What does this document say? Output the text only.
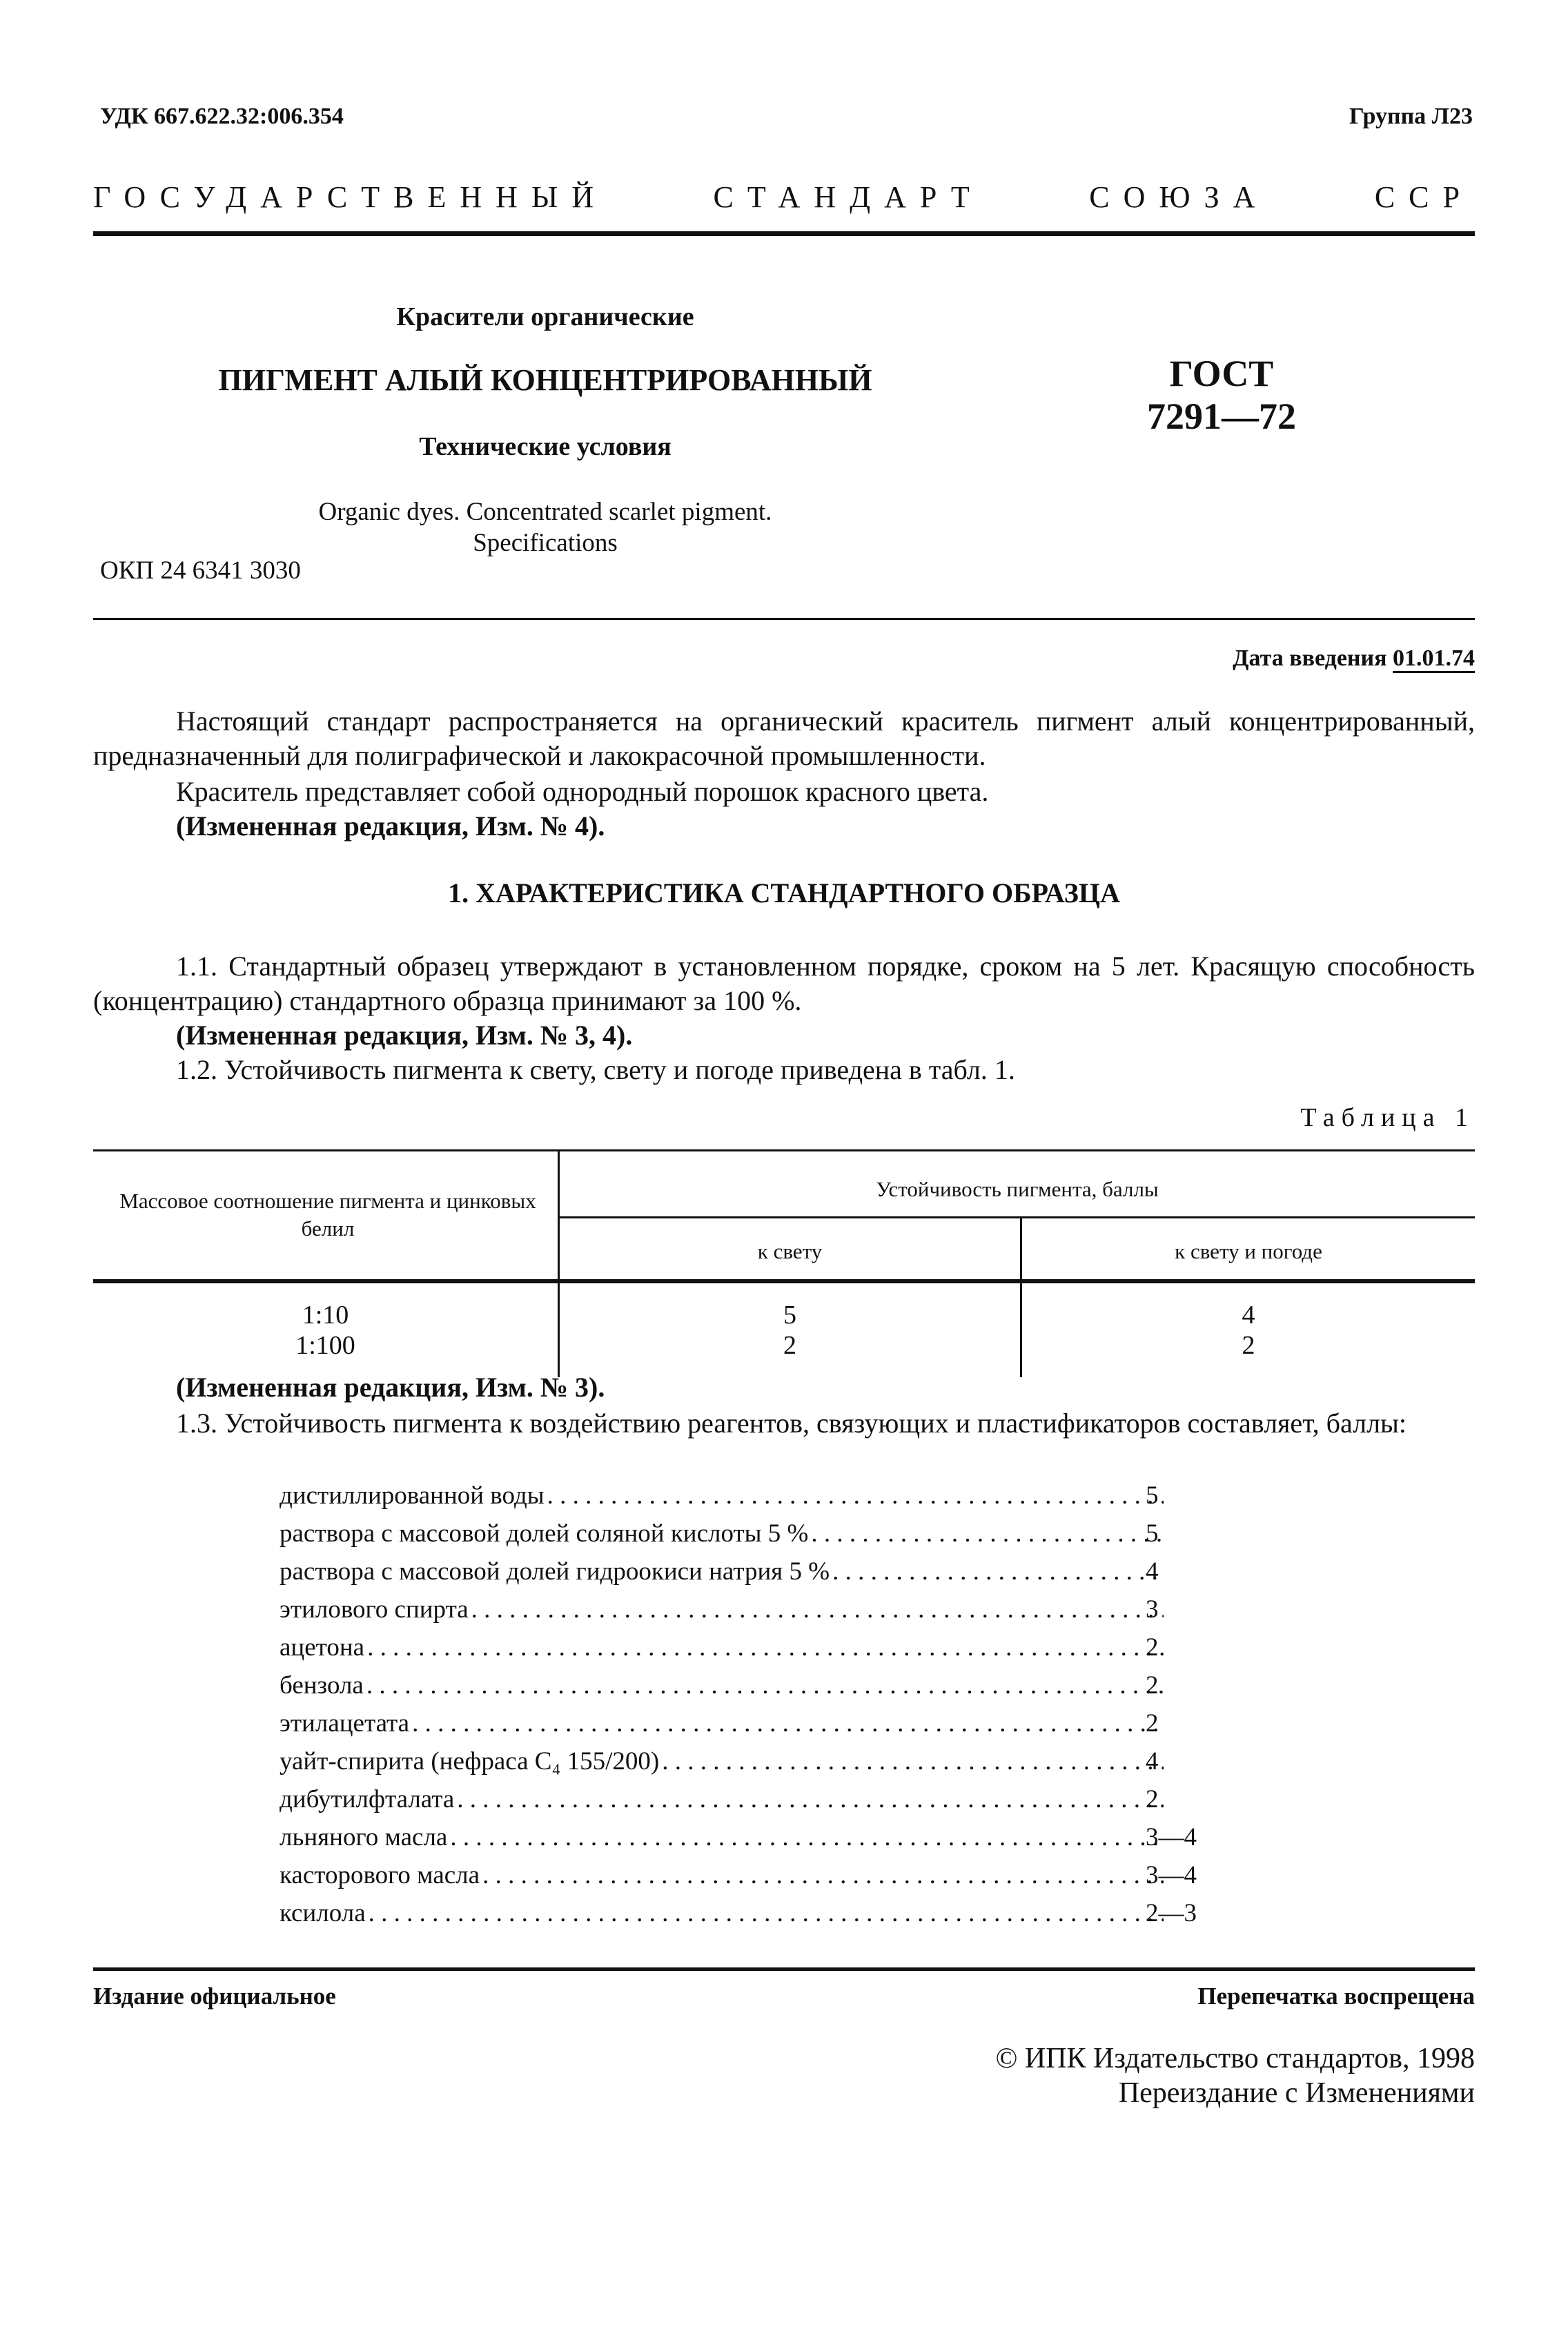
УДК 667.622.32:006.354	Группа Л23
ГОСУДАРСТВЕННЫЙ	СТАНДАРТ	СОЮЗА	ССР
Красители органические
ПИГМЕНТ АЛЫЙ КОНЦЕНТРИРОВАННЫЙ
Технические условия
Organic dyes. Concentrated scarlet pigment.
Specifications
ГОСТ
7291—72
ОКП 24 6341 3030
Дата введения 01.01.74
Настоящий стандарт распространяется на органический краситель пигмент алый концентрированный, предназначенный для полиграфической и лакокрасочной промышленности.
Краситель представляет собой однородный порошок красного цвета.
(Измененная редакция, Изм. № 4).
1. ХАРАКТЕРИСТИКА СТАНДАРТНОГО ОБРАЗЦА
1.1. Стандартный образец утверждают в установленном порядке, сроком на 5 лет. Красящую способность (концентрацию) стандартного образца принимают за 100 %.
(Измененная редакция, Изм. № 3, 4).
1.2. Устойчивость пигмента к свету, свету и погоде приведена в табл. 1.
Таблица 1
Массовое соотношение пигмента и цинковых белил
Устойчивость пигмента, баллы
к свету	к свету и погоде
1:10	5	4
1:100	2	2
(Измененная редакция, Изм. № 3).
1.3. Устойчивость пигмента к воздействию реагентов, связующих и пластификаторов составляет, баллы:
дистиллированной воды . . .	5
раствора с массовой долей соляной кислоты 5 % . . .	5
раствора с массовой долей гидроокиси натрия 5 % . . .	4
этилового спирта . . .	3
ацетона . . .	2
бензола . . .	2
этилацетата . . .	2
уайт-спирита (нефраса С₄ 155/200) . . .	4
дибутилфталата . . .	2
льняного масла . . .	3—4
касторового масла . . .	3—4
ксилола . . .	2—3
Издание официальное	Перепечатка воспрещена
© ИПК Издательство стандартов, 1998
Переиздание с Изменениями
